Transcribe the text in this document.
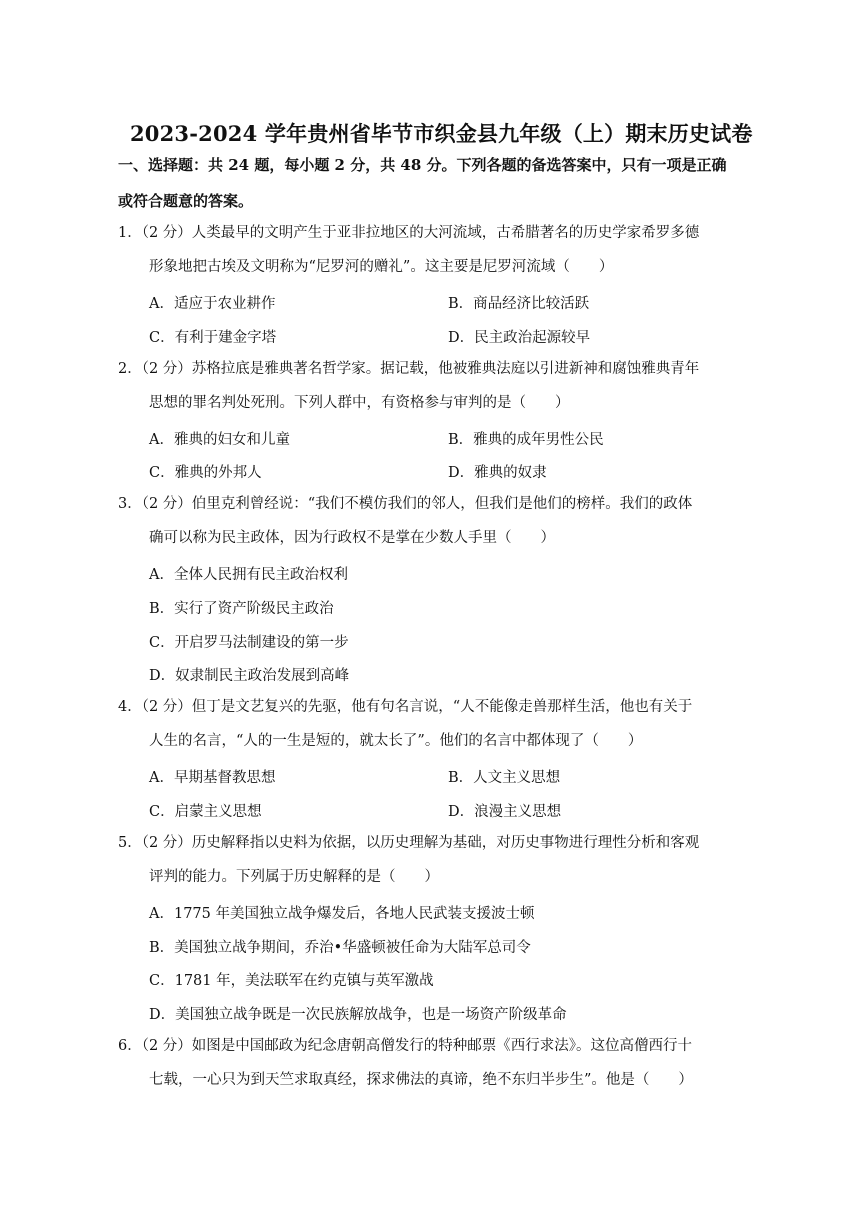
2023-2024 学年贵州省毕节市织金县九年级（上）期末历史试卷
一、选择题：共 24 题，每小题 2 分，共 48 分。下列各题的备选答案中，只有一项是正确
或符合题意的答案。
1．（2 分）人类最早的文明产生于亚非拉地区的大河流域，古希腊著名的历史学家希罗多德
形象地把古埃及文明称为“尼罗河的赠礼”。这主要是尼罗河流域（　　）
A．适应于农业耕作	B．商品经济比较活跃
C．有利于建金字塔	D．民主政治起源较早
2．（2 分）苏格拉底是雅典著名哲学家。据记载，他被雅典法庭以引进新神和腐蚀雅典青年
思想的罪名判处死刑。下列人群中，有资格参与审判的是（　　）
A．雅典的妇女和儿童	B．雅典的成年男性公民
C．雅典的外邦人	D．雅典的奴隶
3．（2 分）伯里克利曾经说：“我们不模仿我们的邻人，但我们是他们的榜样。我们的政体
确可以称为民主政体，因为行政权不是掌在少数人手里（　　）
A．全体人民拥有民主政治权利
B．实行了资产阶级民主政治
C．开启罗马法制建设的第一步
D．奴隶制民主政治发展到高峰
4．（2 分）但丁是文艺复兴的先驱，他有句名言说，“人不能像走兽那样生活，他也有关于
人生的名言，“人的一生是短的，就太长了”。他们的名言中都体现了（　　）
A．早期基督教思想	B．人文主义思想
C．启蒙主义思想	D．浪漫主义思想
5．（2 分）历史解释指以史料为依据，以历史理解为基础，对历史事物进行理性分析和客观
评判的能力。下列属于历史解释的是（　　）
A．1775 年美国独立战争爆发后，各地人民武装支援波士顿
B．美国独立战争期间，乔治•华盛顿被任命为大陆军总司令
C．1781 年，美法联军在约克镇与英军激战
D．美国独立战争既是一次民族解放战争，也是一场资产阶级革命
6．（2 分）如图是中国邮政为纪念唐朝高僧发行的特种邮票《西行求法》。这位高僧西行十
七载，一心只为到天竺求取真经，探求佛法的真谛，绝不东归半步生”。他是（　　）
